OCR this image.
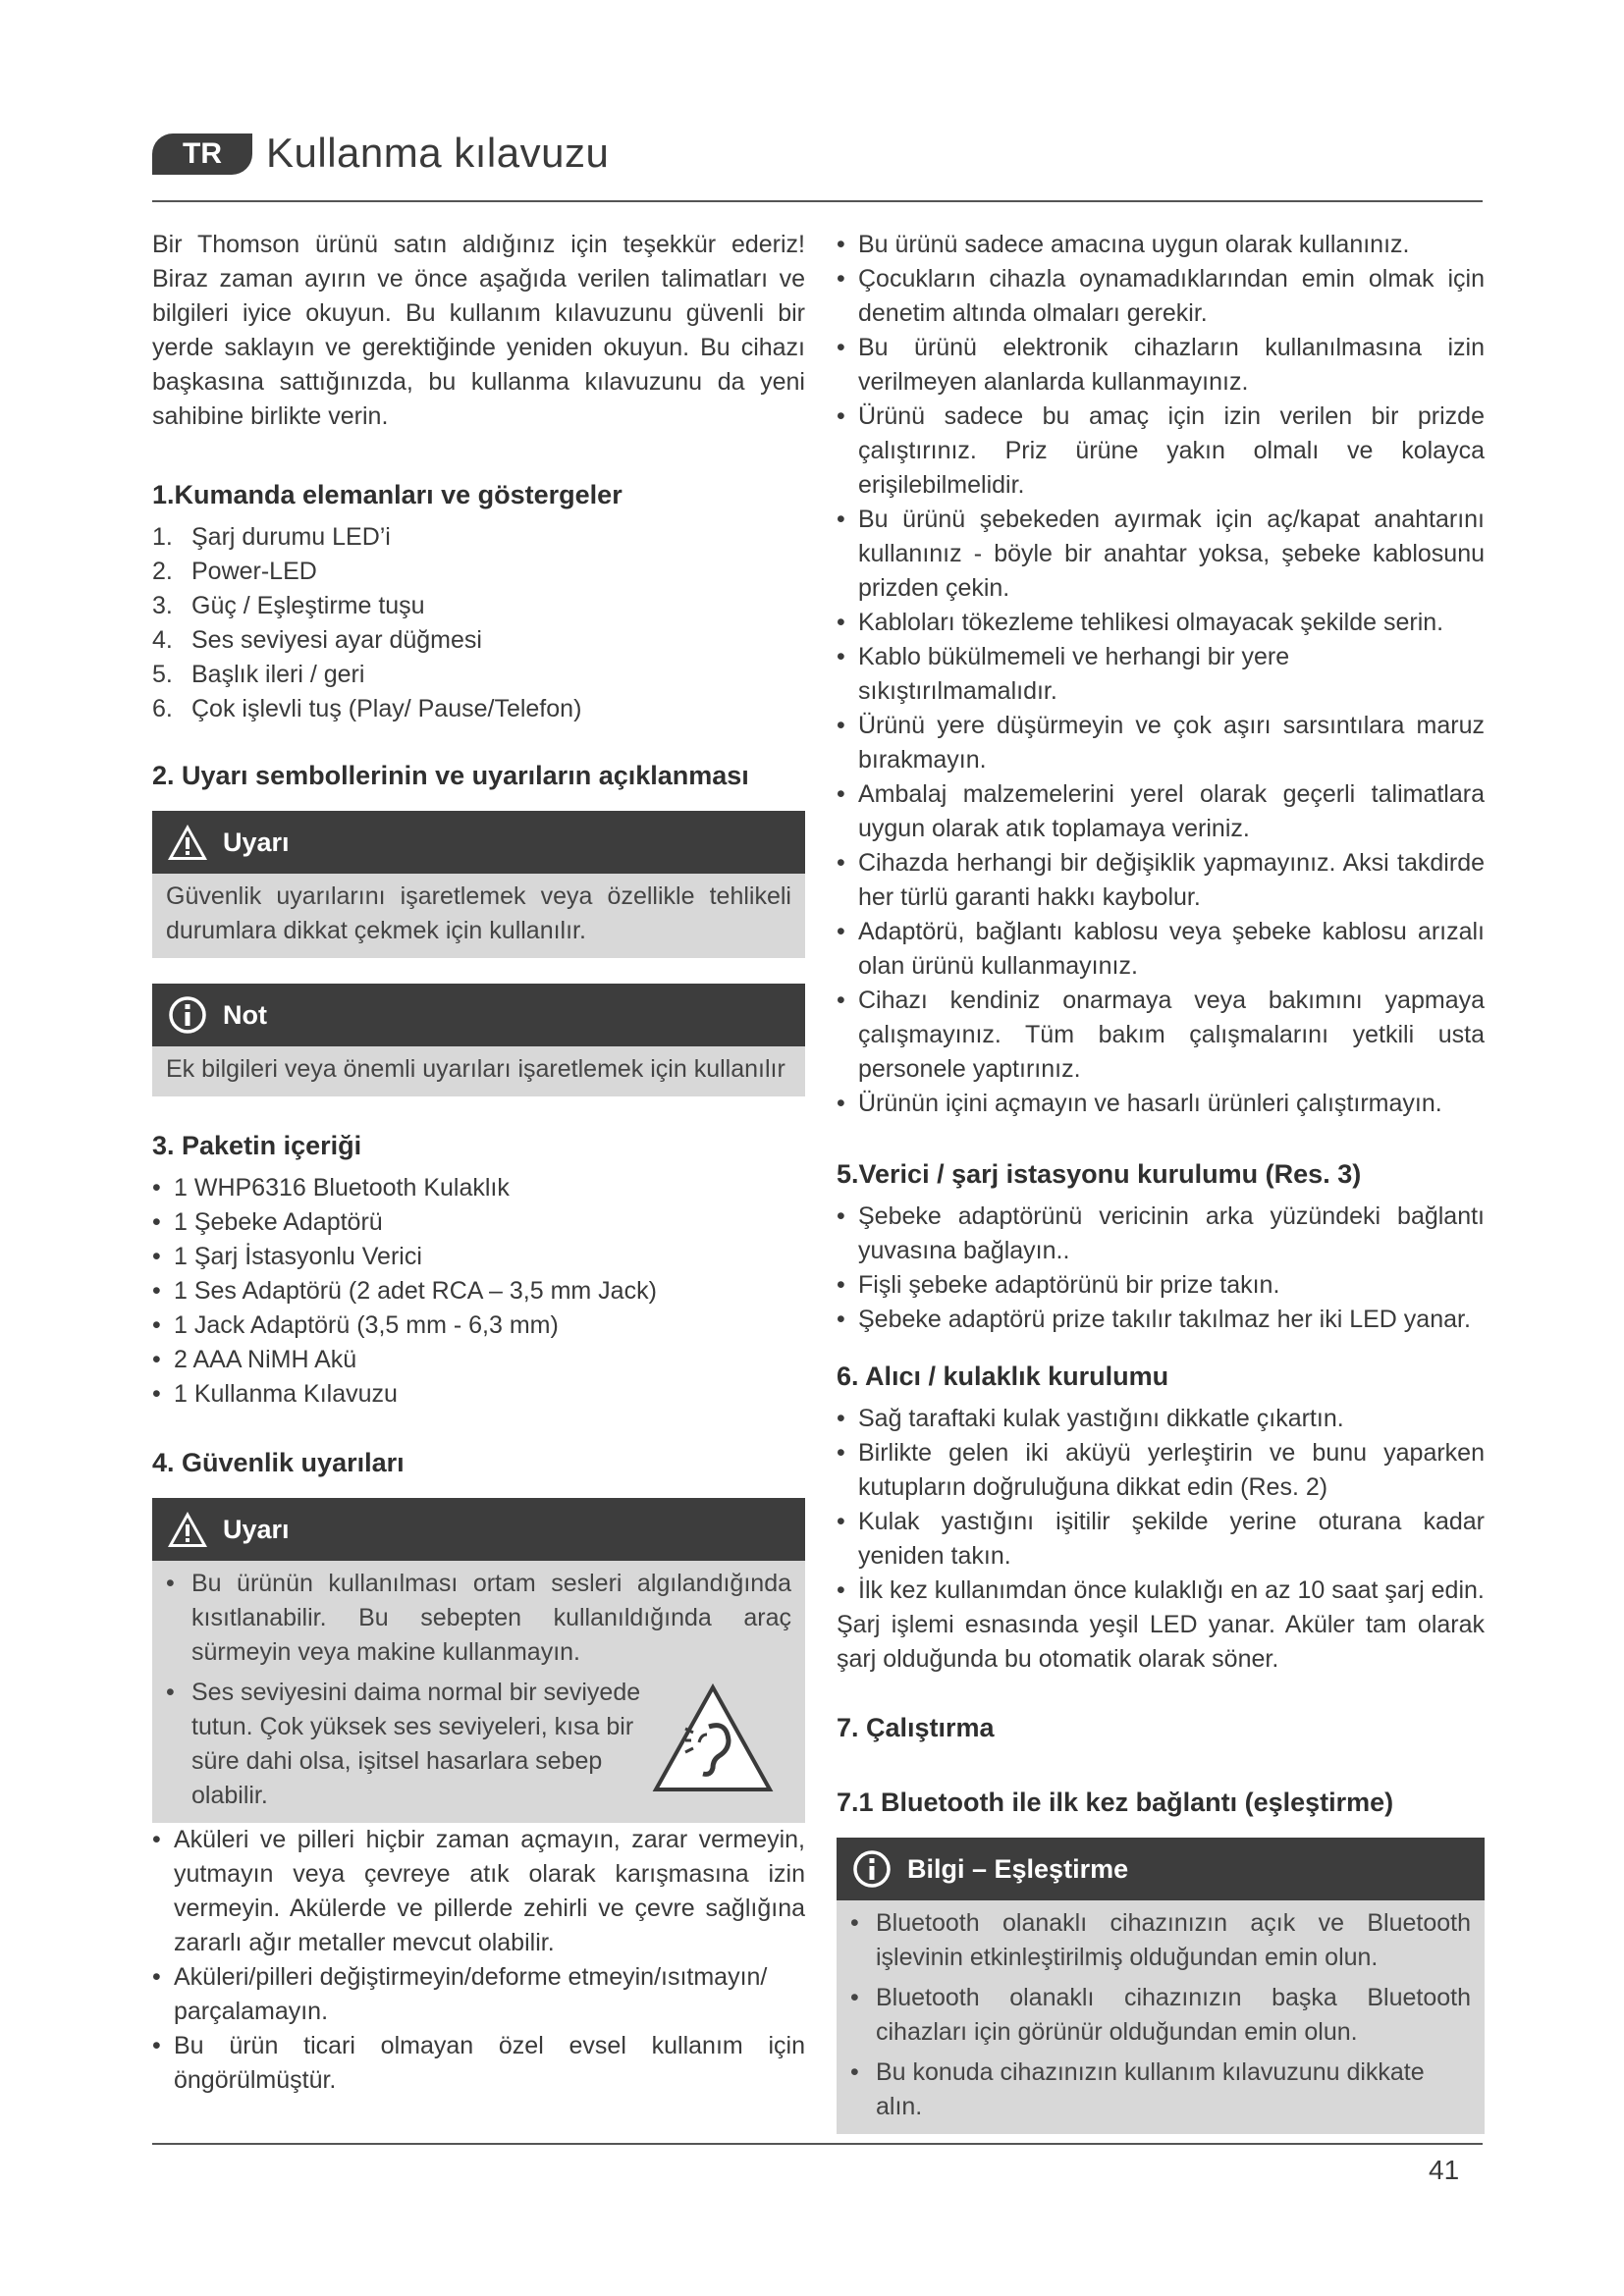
TR	Kullanma kılavuzu

Bir Thomson ürünü satın aldığınız için teşekkür ederiz! Biraz zaman ayırın ve önce aşağıda verilen talimatları ve bilgileri iyice okuyun. Bu kullanım kılavuzunu güvenli bir yerde saklayın ve gerektiğinde yeniden okuyun. Bu cihazı başkasına sattığınızda, bu kullanma kılavuzunu da yeni sahibine birlikte verin.

1.Kumanda elemanları ve göstergeler
1. Şarj durumu LED’i
2. Power-LED
3. Güç / Eşleştirme tuşu
4. Ses seviyesi ayar düğmesi
5. Başlık ileri / geri
6. Çok işlevli tuş (Play/ Pause/Telefon)
2. Uyarı sembollerinin ve uyarıların açıklanması
Uyarı
Güvenlik uyarılarını işaretlemek veya özellikle tehlikeli durumlara dikkat çekmek için kullanılır.
Not
Ek bilgileri veya önemli uyarıları işaretlemek için kullanılır
3. Paketin içeriği
• 1 WHP6316 Bluetooth Kulaklık
• 1 Şebeke Adaptörü
• 1 Şarj İstasyonlu Verici
• 1 Ses Adaptörü (2 adet RCA – 3,5 mm Jack)
• 1 Jack Adaptörü (3,5 mm - 6,3 mm)
• 2 AAA NiMH Akü
• 1 Kullanma Kılavuzu
4. Güvenlik uyarıları
Uyarı
• Bu ürünün kullanılması ortam sesleri algılandığında kısıtlanabilir. Bu sebepten kullanıldığında araç sürmeyin veya makine kullanmayın.
• Ses seviyesini daima normal bir seviyede tutun. Çok yüksek ses seviyeleri, kısa bir süre dahi olsa, işitsel hasarlara sebep olabilir.
• Aküleri ve pilleri hiçbir zaman açmayın, zarar vermeyin, yutmayın veya çevreye atık olarak karışmasına izin vermeyin. Akülerde ve pillerde zehirli ve çevre sağlığına zararlı ağır metaller mevcut olabilir.
• Aküleri/pilleri değiştirmeyin/deforme etmeyin/ısıtmayın/ parçalamayın.
• Bu ürün ticari olmayan özel evsel kullanım için öngörülmüştür.
• Bu ürünü sadece amacına uygun olarak kullanınız.
• Çocukların cihazla oynamadıklarından emin olmak için denetim altında olmaları gerekir.
• Bu ürünü elektronik cihazların kullanılmasına izin verilmeyen alanlarda kullanmayınız.
• Ürünü sadece bu amaç için izin verilen bir prizde çalıştırınız. Priz ürüne yakın olmalı ve kolayca erişilebilmelidir.
• Bu ürünü şebekeden ayırmak için aç/kapat anahtarını kullanınız - böyle bir anahtar yoksa, şebeke kablosunu prizden çekin.
• Kabloları tökezleme tehlikesi olmayacak şekilde serin.
• Kablo bükülmemeli ve herhangi bir yere sıkıştırılmamalıdır.
• Ürünü yere düşürmeyin ve çok aşırı sarsıntılara maruz bırakmayın.
• Ambalaj malzemelerini yerel olarak geçerli talimatlara uygun olarak atık toplamaya veriniz.
• Cihazda herhangi bir değişiklik yapmayınız. Aksi takdirde her türlü garanti hakkı kaybolur.
• Adaptörü, bağlantı kablosu veya şebeke kablosu arızalı olan ürünü kullanmayınız.
• Cihazı kendiniz onarmaya veya bakımını yapmaya çalışmayınız. Tüm bakım çalışmalarını yetkili usta personele yaptırınız.
• Ürünün içini açmayın ve hasarlı ürünleri çalıştırmayın.
5.Verici / şarj istasyonu kurulumu (Res. 3)
• Şebeke adaptörünü vericinin arka yüzündeki bağlantı yuvasına bağlayın..
• Fişli şebeke adaptörünü bir prize takın.
• Şebeke adaptörü prize takılır takılmaz her iki LED yanar.
6. Alıcı / kulaklık kurulumu
• Sağ taraftaki kulak yastığını dikkatle çıkartın.
• Birlikte gelen iki aküyü yerleştirin ve bunu yaparken kutupların doğruluğuna dikkat edin (Res. 2)
• Kulak yastığını işitilir şekilde yerine oturana kadar yeniden takın.
• İlk kez kullanımdan önce kulaklığı en az 10 saat şarj edin.

Şarj işlemi esnasında yeşil LED yanar. Aküler tam olarak şarj olduğunda bu otomatik olarak söner.

7. Çalıştırma
7.1 Bluetooth ile ilk kez bağlantı (eşleştirme)
Bilgi – Eşleştirme
• Bluetooth olanaklı cihazınızın açık ve Bluetooth işlevinin etkinleştirilmiş olduğundan emin olun.
• Bluetooth olanaklı cihazınızın başka Bluetooth cihazları için görünür olduğundan emin olun.
• Bu konuda cihazınızın kullanım kılavuzunu dikkate alın.
41
